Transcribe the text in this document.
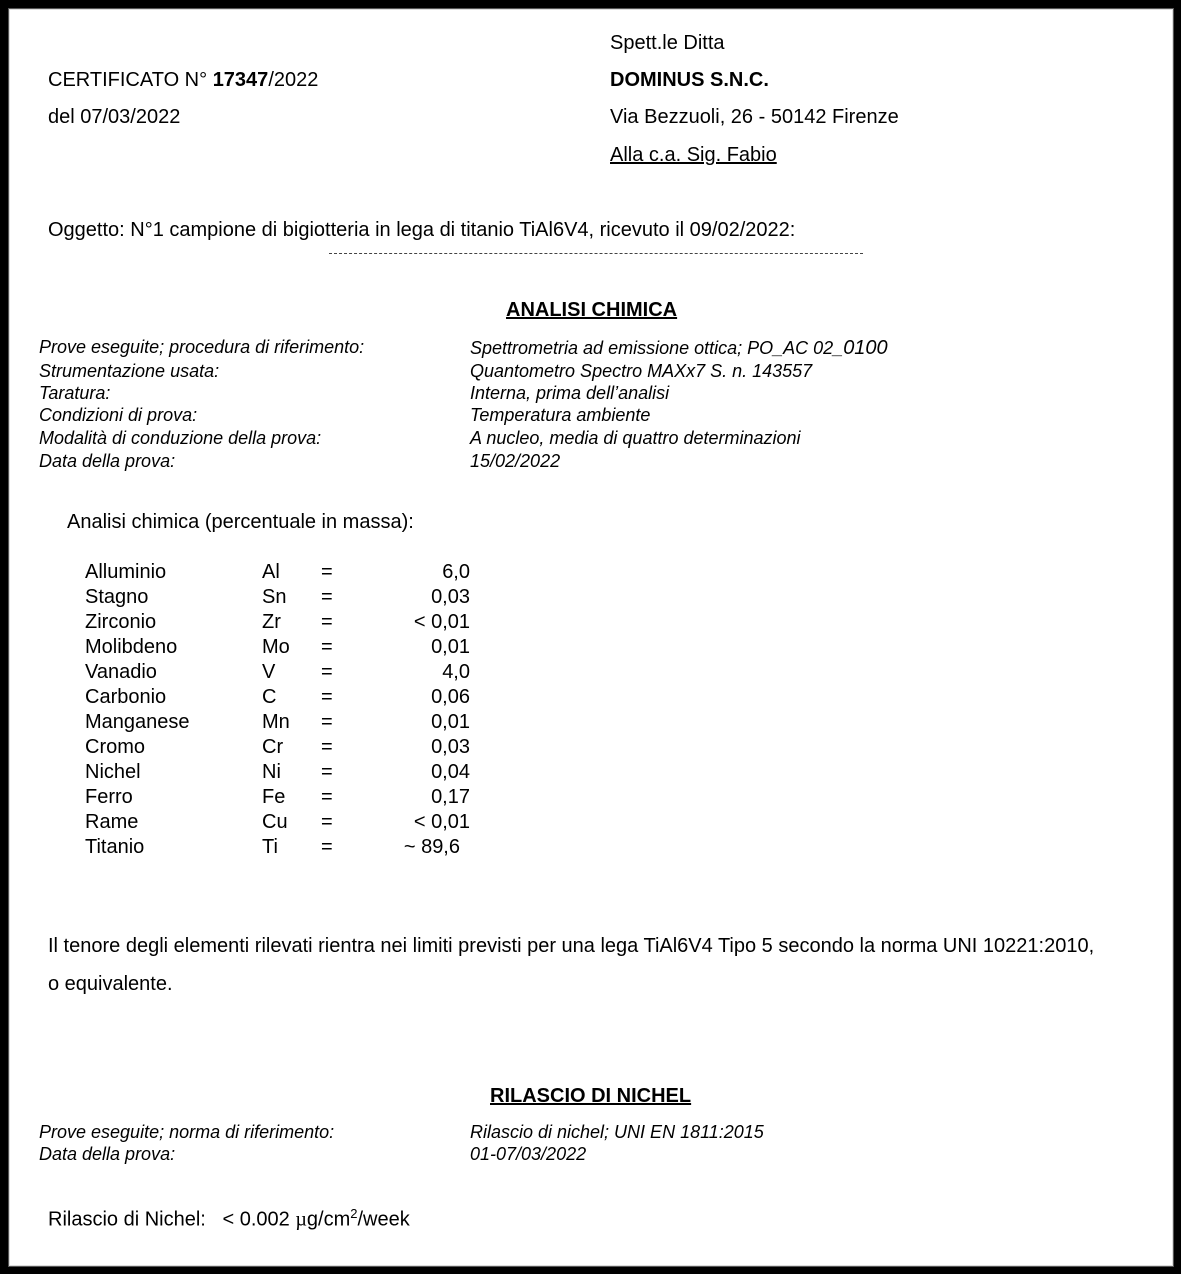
CERTIFICATO N° 17347/2022
del 07/03/2022
Spett.le Ditta
DOMINUS S.N.C.
Via Bezzuoli, 26 - 50142 Firenze
Alla c.a. Sig. Fabio
Oggetto: N°1 campione di bigiotteria in lega di titanio TiAl6V4, ricevuto il 09/02/2022:
ANALISI CHIMICA
Prove eseguite; procedura di riferimento:	Spettrometria ad emissione ottica; PO_AC 02_0100
Strumentazione usata:	Quantometro Spectro MAXx7 S. n. 143557
Taratura:	Interna, prima dell’analisi
Condizioni di prova:	Temperatura ambiente
Modalità di conduzione della prova:	A nucleo, media di quattro determinazioni
Data della prova:	15/02/2022
Analisi chimica (percentuale in massa):
Alluminio	Al =	6,0
Stagno	Sn =	0,03
Zirconio	Zr =	< 0,01
Molibdeno	Mo =	0,01
Vanadio	V =	4,0
Carbonio	C =	0,06
Manganese	Mn =	0,01
Cromo	Cr =	0,03
Nichel	Ni =	0,04
Ferro	Fe =	0,17
Rame	Cu =	< 0,01
Titanio	Ti =	~ 89,6
Il tenore degli elementi rilevati rientra nei limiti previsti per una lega TiAl6V4 Tipo 5 secondo la norma UNI 10221:2010,
o equivalente.
RILASCIO DI NICHEL
Prove eseguite; norma di riferimento:	Rilascio di nichel; UNI EN 1811:2015
Data della prova:	01-07/03/2022
Rilascio di Nichel: < 0.002 $\mu g/cm^2$/week
